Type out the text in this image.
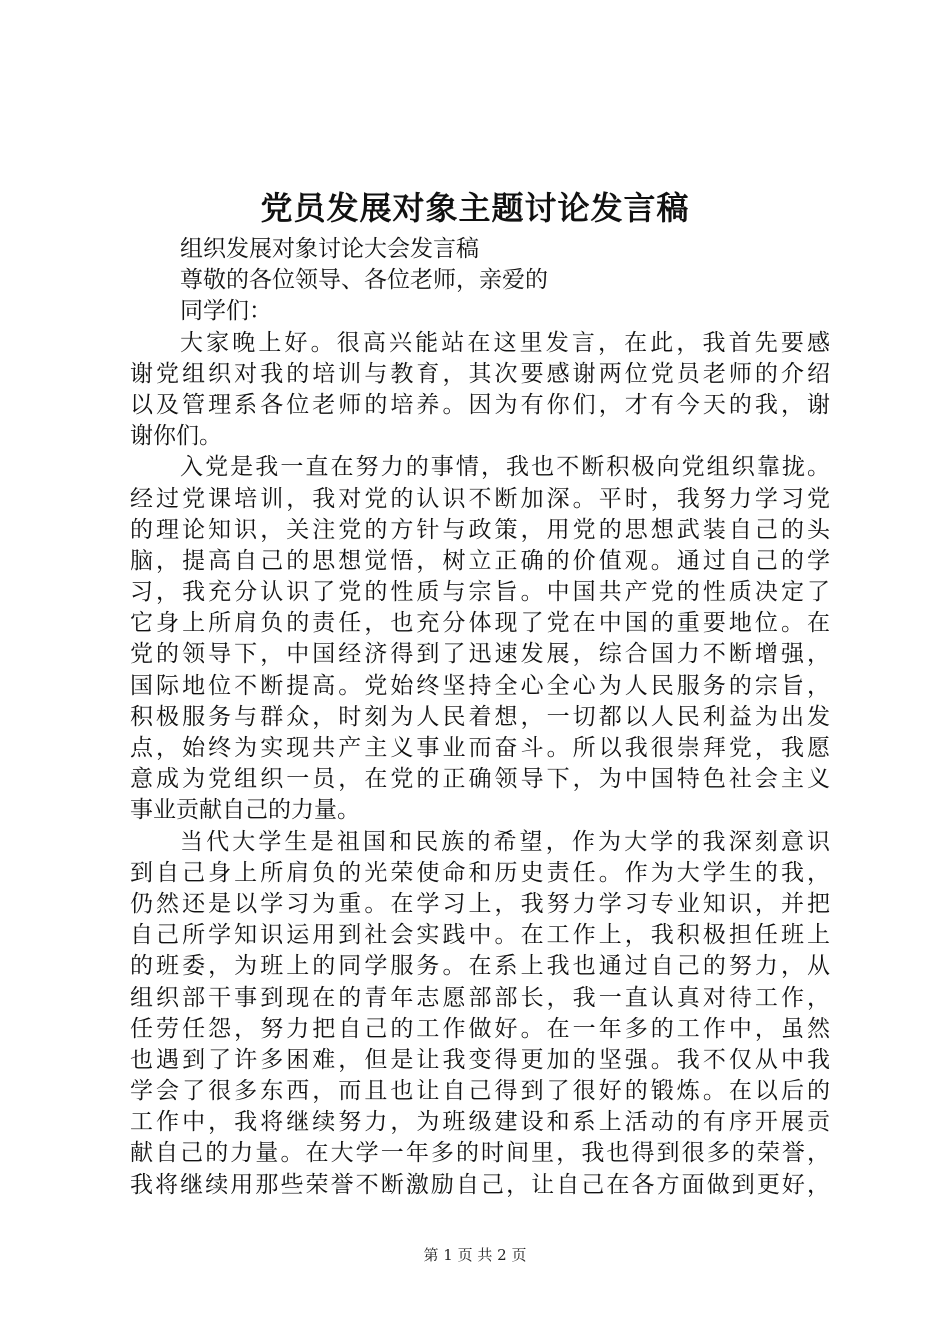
党员发展对象主题讨论发言稿
组织发展对象讨论大会发言稿
尊敬的各位领导、各位老师，亲爱的
同学们：
大家晚上好。很高兴能站在这里发言，在此，我首先要感
谢党组织对我的培训与教育，其次要感谢两位党员老师的介绍
以及管理系各位老师的培养。因为有你们，才有今天的我，谢
谢你们。
入党是我一直在努力的事情，我也不断积极向党组织靠拢。
经过党课培训，我对党的认识不断加深。平时，我努力学习党
的理论知识，关注党的方针与政策，用党的思想武装自己的头
脑，提高自己的思想觉悟，树立正确的价值观。通过自己的学
习，我充分认识了党的性质与宗旨。中国共产党的性质决定了
它身上所肩负的责任，也充分体现了党在中国的重要地位。在
党的领导下，中国经济得到了迅速发展，综合国力不断增强，
国际地位不断提高。党始终坚持全心全心为人民服务的宗旨，
积极服务与群众，时刻为人民着想，一切都以人民利益为出发
点，始终为实现共产主义事业而奋斗。所以我很崇拜党，我愿
意成为党组织一员，在党的正确领导下，为中国特色社会主义
事业贡献自己的力量。
当代大学生是祖国和民族的希望，作为大学的我深刻意识
到自己身上所肩负的光荣使命和历史责任。作为大学生的我，
仍然还是以学习为重。在学习上，我努力学习专业知识，并把
自己所学知识运用到社会实践中。在工作上，我积极担任班上
的班委，为班上的同学服务。在系上我也通过自己的努力，从
组织部干事到现在的青年志愿部部长，我一直认真对待工作，
任劳任怨，努力把自己的工作做好。在一年多的工作中，虽然
也遇到了许多困难，但是让我变得更加的坚强。我不仅从中我
学会了很多东西，而且也让自己得到了很好的锻炼。在以后的
工作中，我将继续努力，为班级建设和系上活动的有序开展贡
献自己的力量。在大学一年多的时间里，我也得到很多的荣誉，
我将继续用那些荣誉不断激励自己，让自己在各方面做到更好，
第 1 页 共 2 页
